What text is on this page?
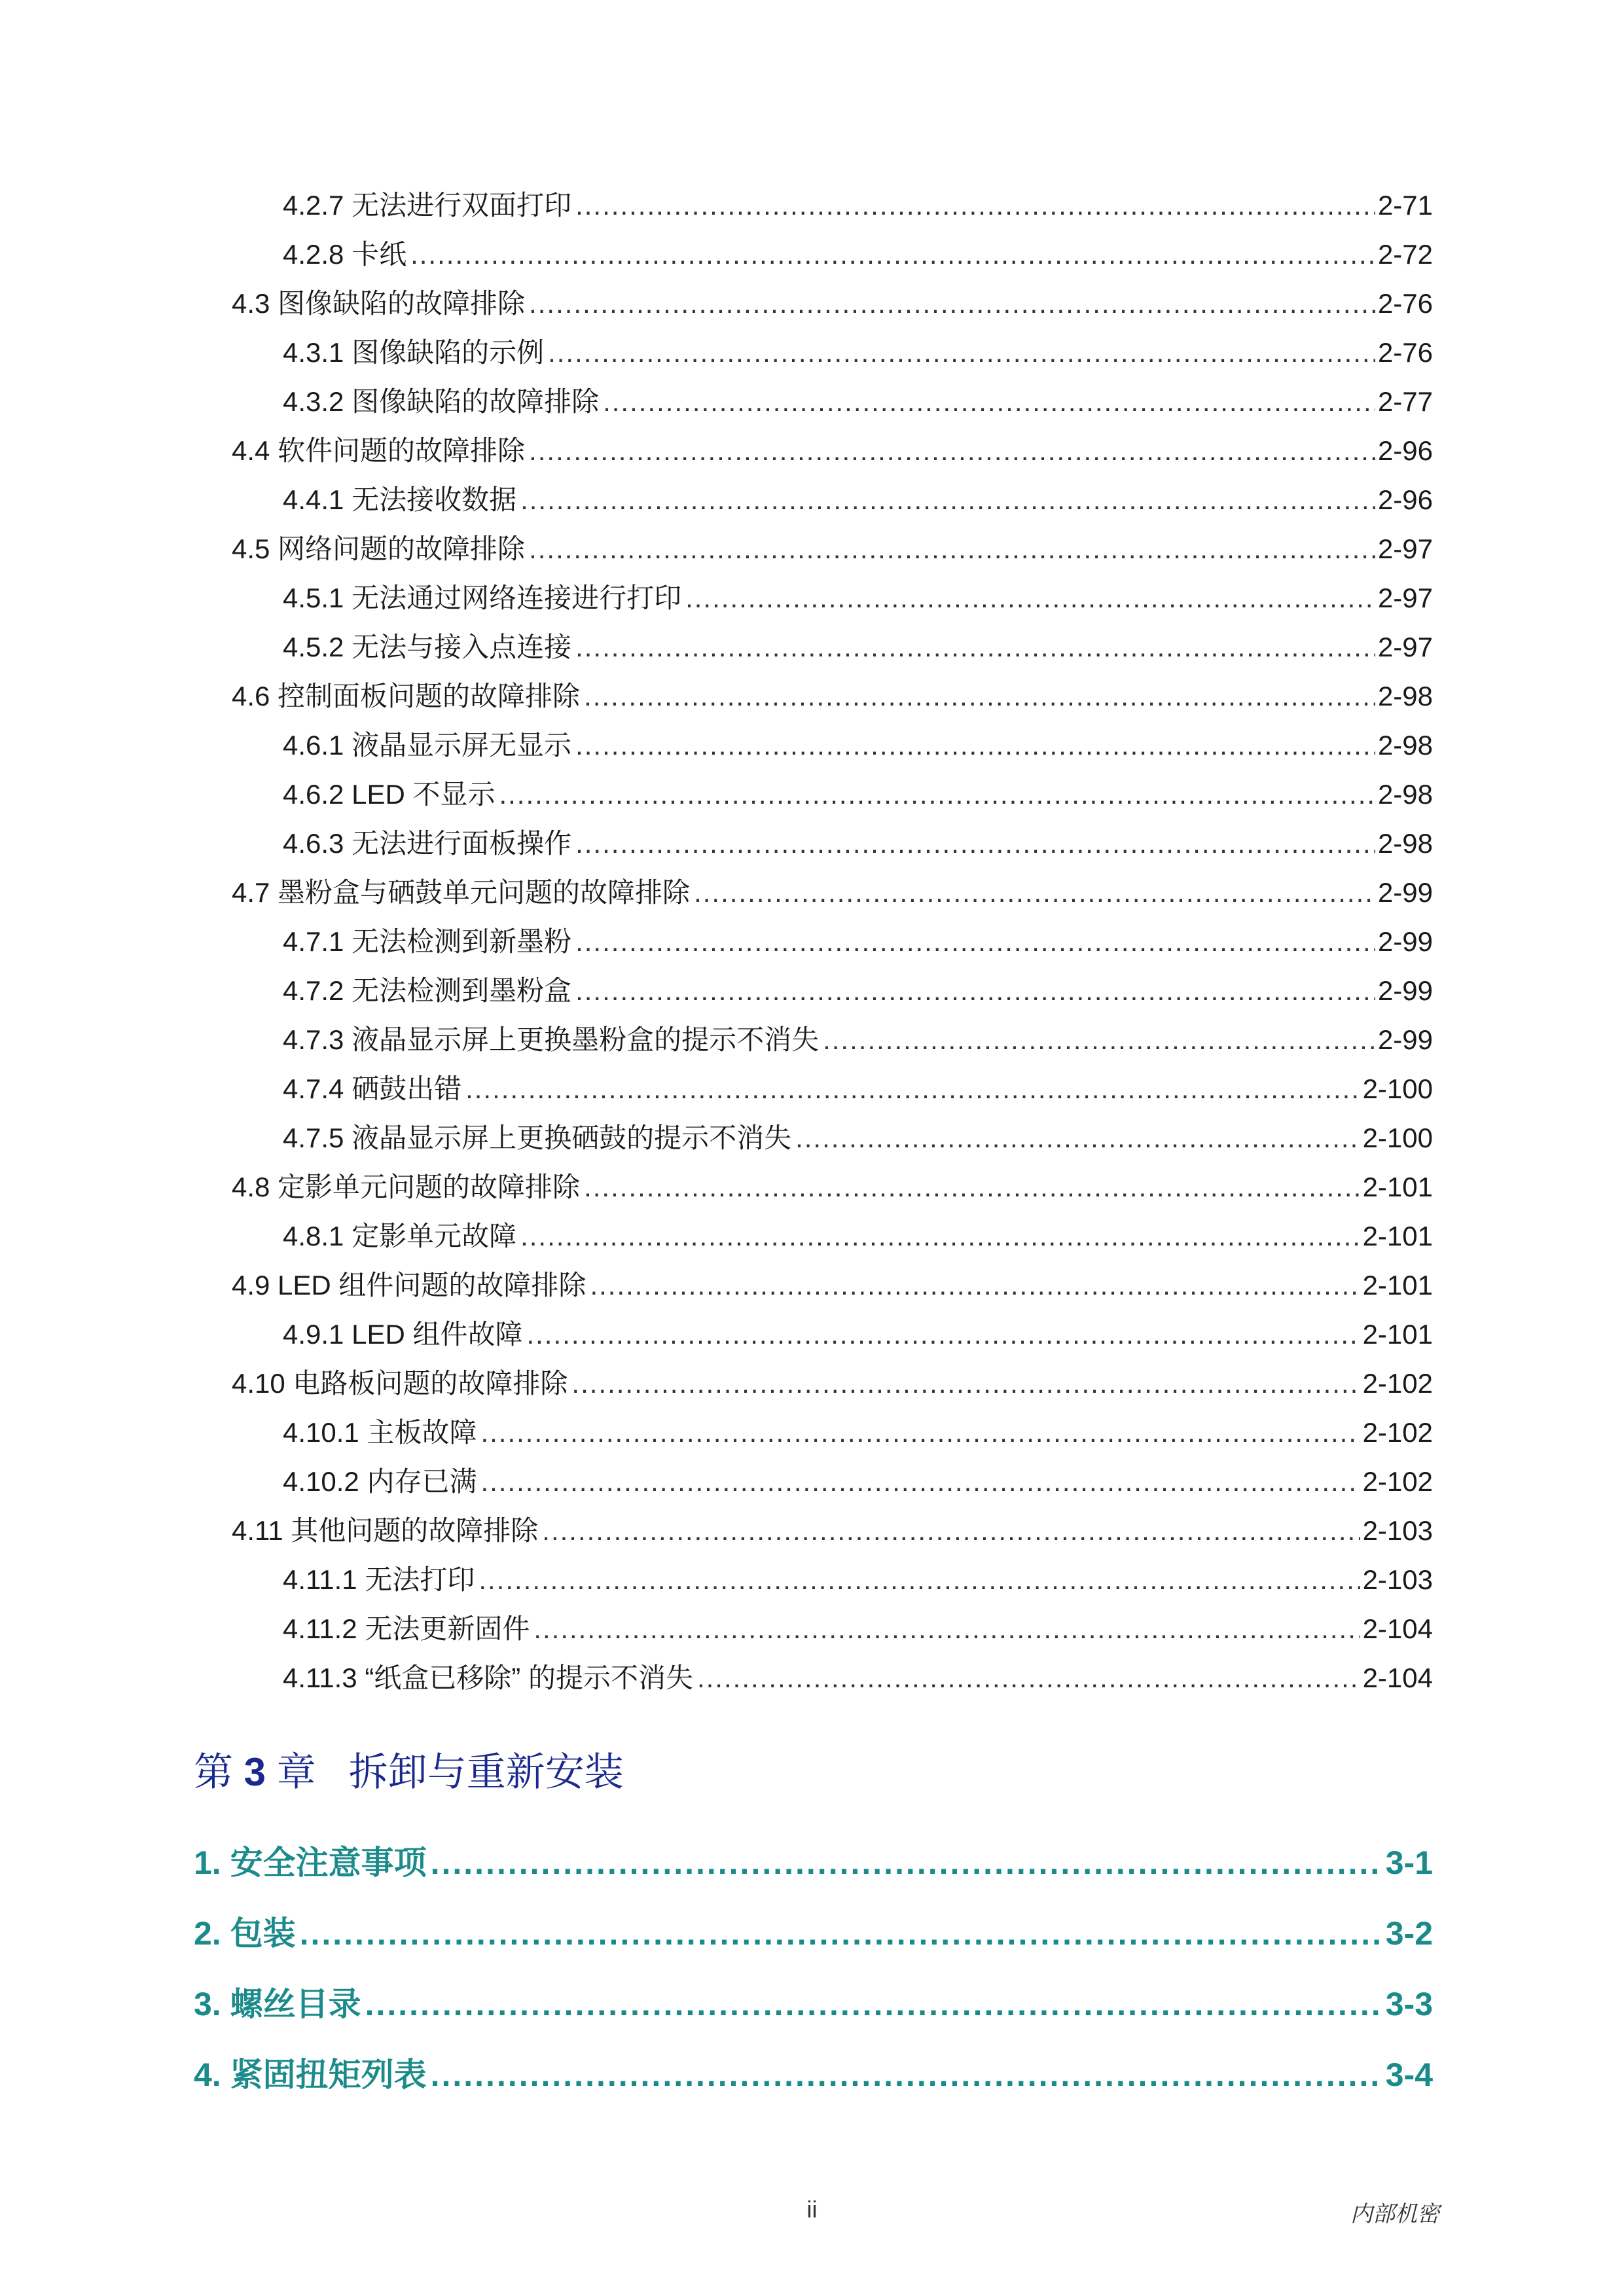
4.2.7 无法进行双面打印 .....	2-71
4.2.8 卡纸 .....	2-72
4.3 图像缺陷的故障排除 .....	2-76
4.3.1 图像缺陷的示例 .....	2-76
4.3.2 图像缺陷的故障排除 .....	2-77
4.4 软件问题的故障排除 .....	2-96
4.4.1 无法接收数据 .....	2-96
4.5 网络问题的故障排除 .....	2-97
4.5.1 无法通过网络连接进行打印 .....	2-97
4.5.2 无法与接入点连接 .....	2-97
4.6 控制面板问题的故障排除 .....	2-98
4.6.1 液晶显示屏无显示 .....	2-98
4.6.2 LED 不显示 .....	2-98
4.6.3 无法进行面板操作 .....	2-98
4.7 墨粉盒与硒鼓单元问题的故障排除 .....	2-99
4.7.1 无法检测到新墨粉 .....	2-99
4.7.2 无法检测到墨粉盒 .....	2-99
4.7.3 液晶显示屏上更换墨粉盒的提示不消失 .....	2-99
4.7.4 硒鼓出错 .....	2-100
4.7.5 液晶显示屏上更换硒鼓的提示不消失 .....	2-100
4.8 定影单元问题的故障排除 .....	2-101
4.8.1 定影单元故障 .....	2-101
4.9 LED 组件问题的故障排除 .....	2-101
4.9.1 LED 组件故障 .....	2-101
4.10 电路板问题的故障排除 .....	2-102
4.10.1 主板故障 .....	2-102
4.10.2 内存已满 .....	2-102
4.11 其他问题的故障排除 .....	2-103
4.11.1 无法打印 .....	2-103
4.11.2 无法更新固件 .....	2-104
4.11.3 “纸盒已移除” 的提示不消失 .....	2-104
第 3 章 拆卸与重新安装
1. 安全注意事项 .....	3-1
2. 包装 .....	3-2
3. 螺丝目录 .....	3-3
4. 紧固扭矩列表 .....	3-4
ii	内部机密
